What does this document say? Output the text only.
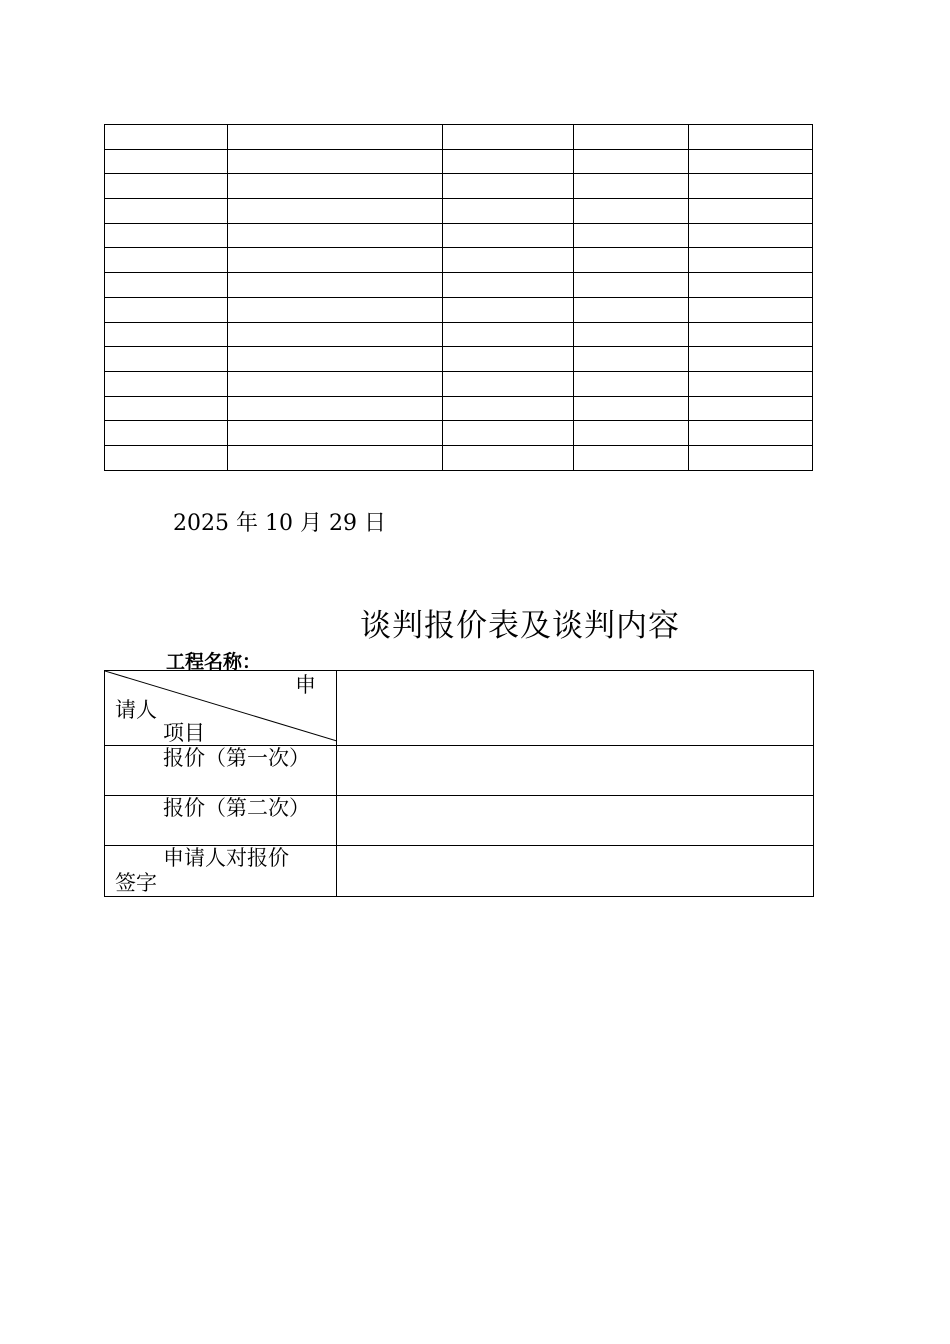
2025 年 10 月 29 日
谈判报价表及谈判内容
工程名称：
申
请人
项目	

报价（第一次）	

报价（第二次）	

申请人对报价签字	
